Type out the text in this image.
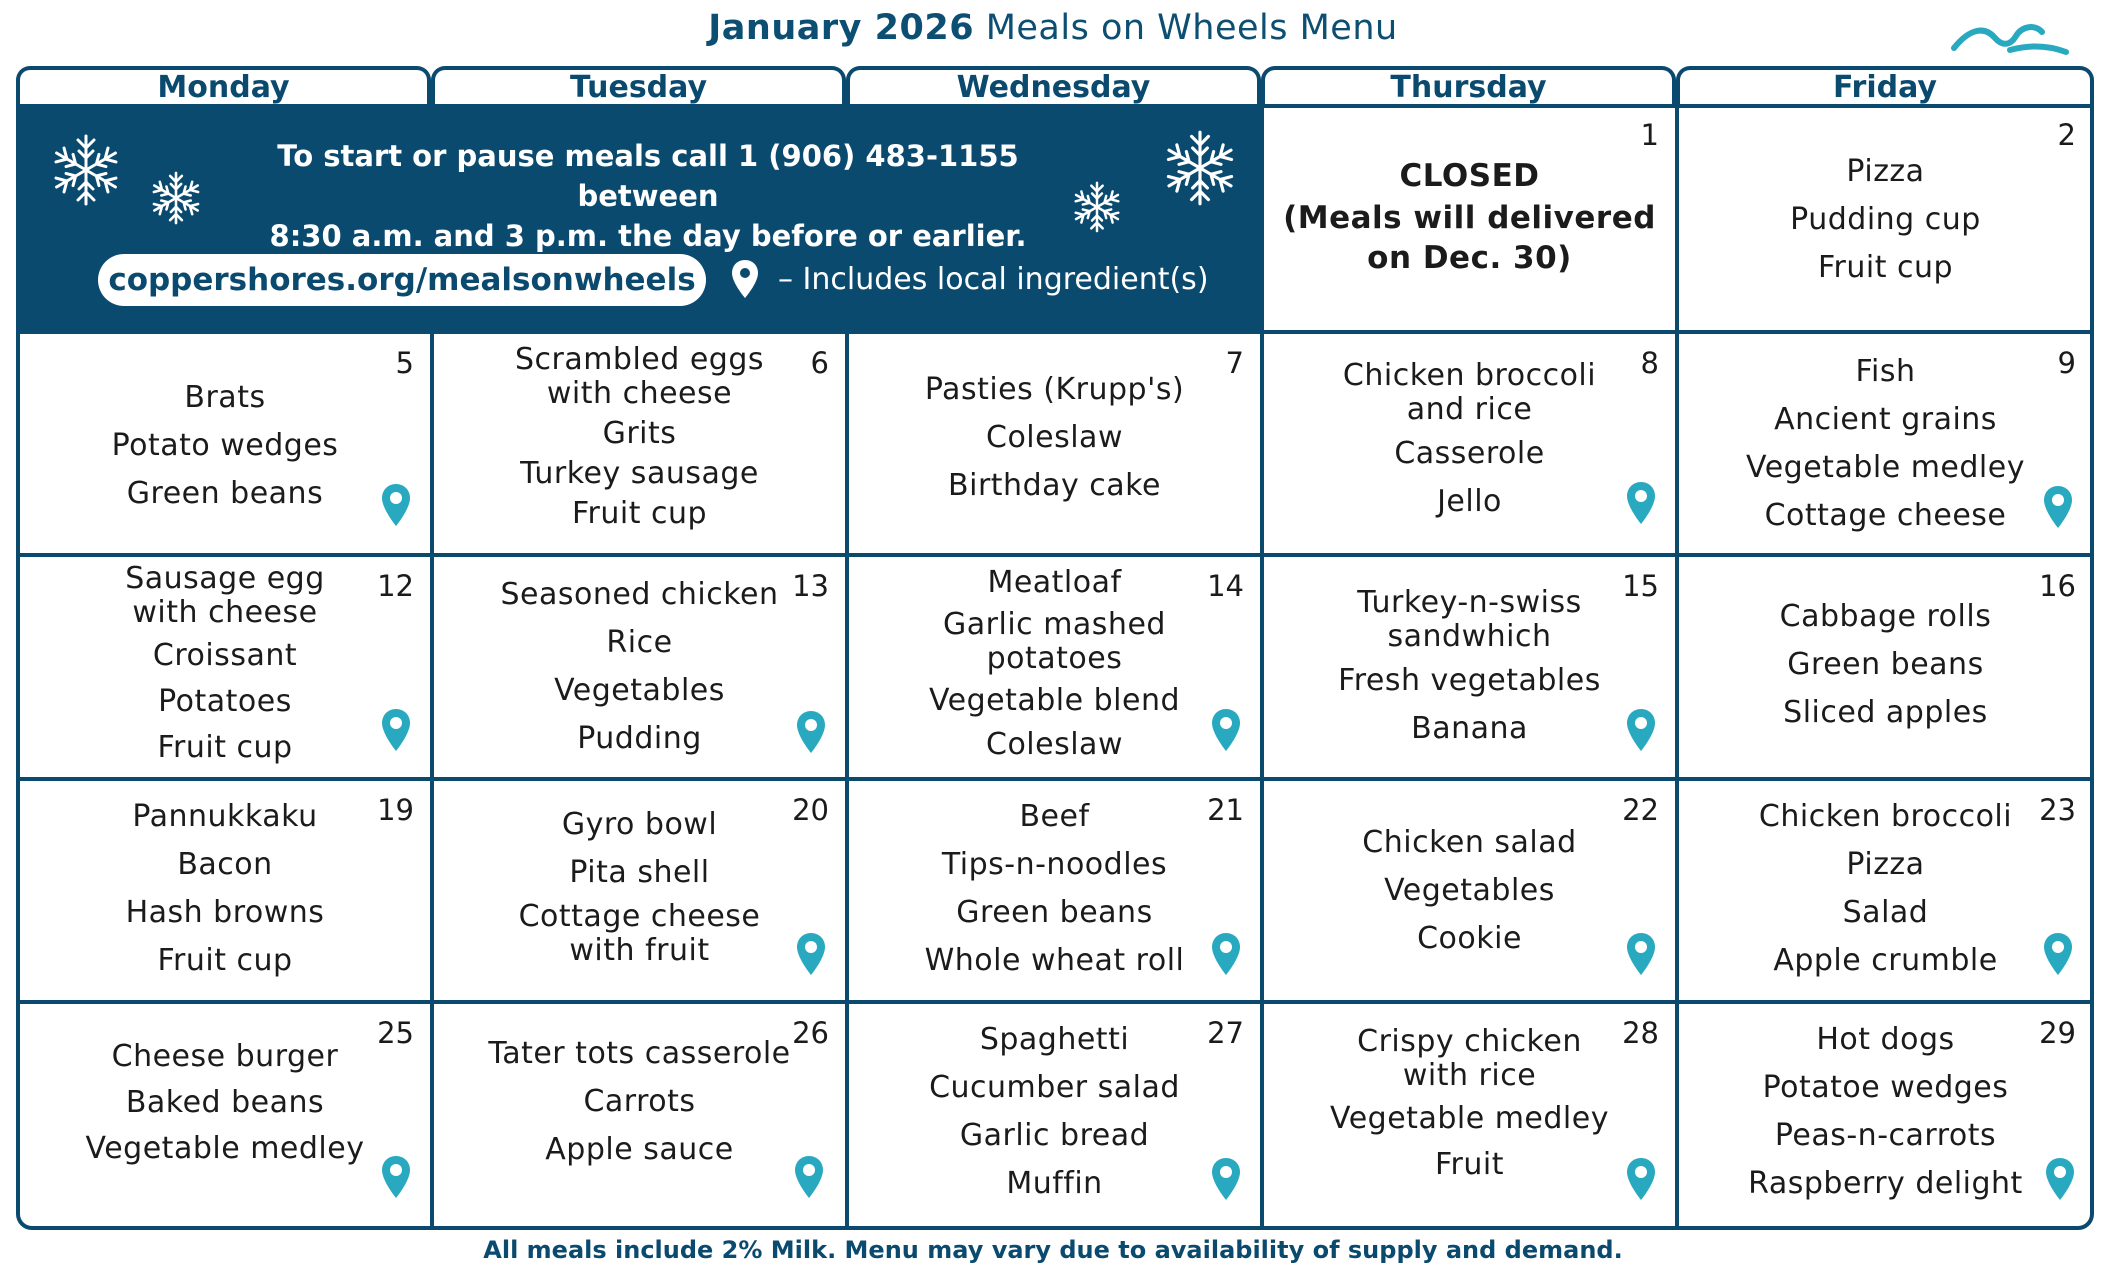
January 2026 Meals on Wheels Menu
Monday	Tuesday	Wednesday	Thursday	Friday
To start or pause meals call 1 (906) 483-1155 between
8:30 a.m. and 3 p.m. the day before or earlier.
coppershores.org/mealsonwheels	– Includes local ingredient(s)
1
CLOSED
(Meals will delivered
on Dec. 30)
2
Pizza
Pudding cup
Fruit cup
5
Brats
Potato wedges
Green beans
6
Scrambled eggs with cheese
Grits
Turkey sausage
Fruit cup
7
Pasties (Krupp's)
Coleslaw
Birthday cake
8
Chicken broccoli and rice
Casserole
Jello
9
Fish
Ancient grains
Vegetable medley
Cottage cheese
12
Sausage egg with cheese
Croissant
Potatoes
Fruit cup
13
Seasoned chicken
Rice
Vegetables
Pudding
14
Meatloaf
Garlic mashed potatoes
Vegetable blend
Coleslaw
15
Turkey-n-swiss sandwhich
Fresh vegetables
Banana
16
Cabbage rolls
Green beans
Sliced apples
19
Pannukkaku
Bacon
Hash browns
Fruit cup
20
Gyro bowl
Pita shell
Cottage cheese with fruit
21
Beef
Tips-n-noodles
Green beans
Whole wheat roll
22
Chicken salad
Vegetables
Cookie
23
Chicken broccoli
Pizza
Salad
Apple crumble
25
Cheese burger
Baked beans
Vegetable medley
26
Tater tots casserole
Carrots
Apple sauce
27
Spaghetti
Cucumber salad
Garlic bread
Muffin
28
Crispy chicken with rice
Vegetable medley
Fruit
29
Hot dogs
Potatoe wedges
Peas-n-carrots
Raspberry delight
All meals include 2% Milk. Menu may vary due to availability of supply and demand.
